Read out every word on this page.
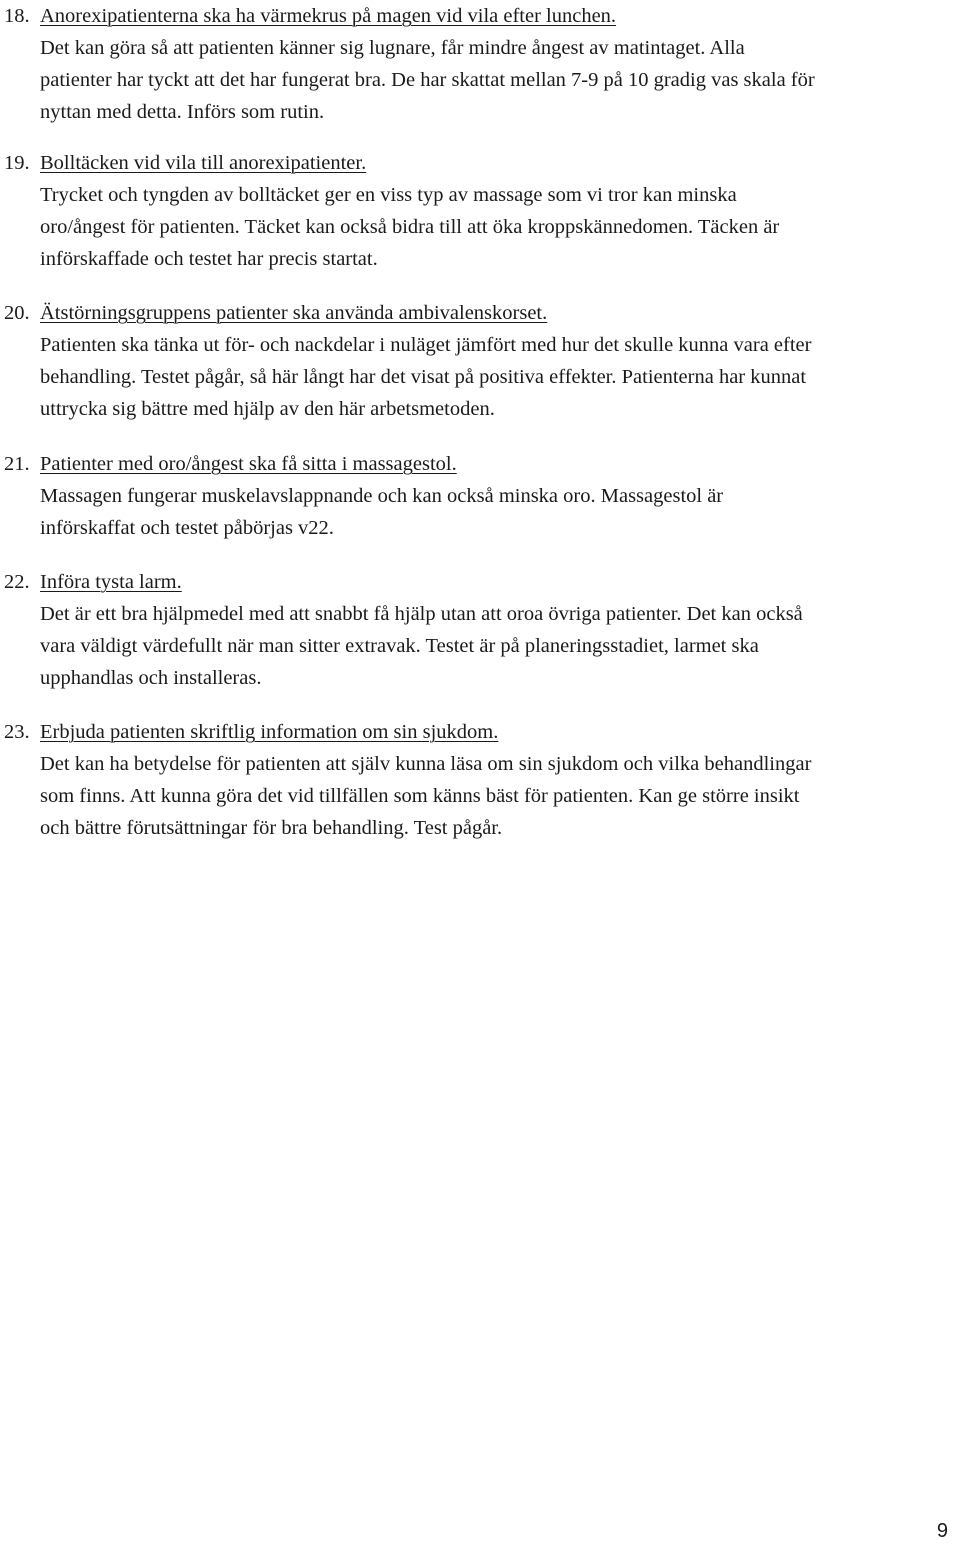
18. Anorexipatienterna ska ha värmekrus på magen vid vila efter lunchen.
Det kan göra så att patienten känner sig lugnare, får mindre ångest av matintaget. Alla
patienter har tyckt att det har fungerat bra. De har skattat mellan 7-9 på 10 gradig vas skala för
nyttan med detta. Införs som rutin.
19. Bolltäcken vid vila till anorexipatienter.
Trycket och tyngden av bolltäcket ger en viss typ av massage som vi tror kan minska
oro/ångest för patienten. Täcket kan också bidra till att öka kroppskännedomen. Täcken är
införskaffade och testet har precis startat.
20. Ätstörningsgruppens patienter ska använda ambivalenskorset.
Patienten ska tänka ut för- och nackdelar i nuläget jämfört med hur det skulle kunna vara efter
behandling. Testet pågår, så här långt har det visat på positiva effekter. Patienterna har kunnat
uttrycka sig bättre med hjälp av den här arbetsmetoden.
21. Patienter med oro/ångest ska få sitta i massagestol.
Massagen fungerar muskelavslappnande och kan också minska oro. Massagestol är
införskaffat och testet påbörjas v22.
22. Införa tysta larm.
Det är ett bra hjälpmedel med att snabbt få hjälp utan att oroa övriga patienter. Det kan också
vara väldigt värdefullt när man sitter extravak. Testet är på planeringsstadiet, larmet ska
upphandlas och installeras.
23. Erbjuda patienten skriftlig information om sin sjukdom.
Det kan ha betydelse för patienten att själv kunna läsa om sin sjukdom och vilka behandlingar
som finns. Att kunna göra det vid tillfällen som känns bäst för patienten. Kan ge större insikt
och bättre förutsättningar för bra behandling. Test pågår.
9
